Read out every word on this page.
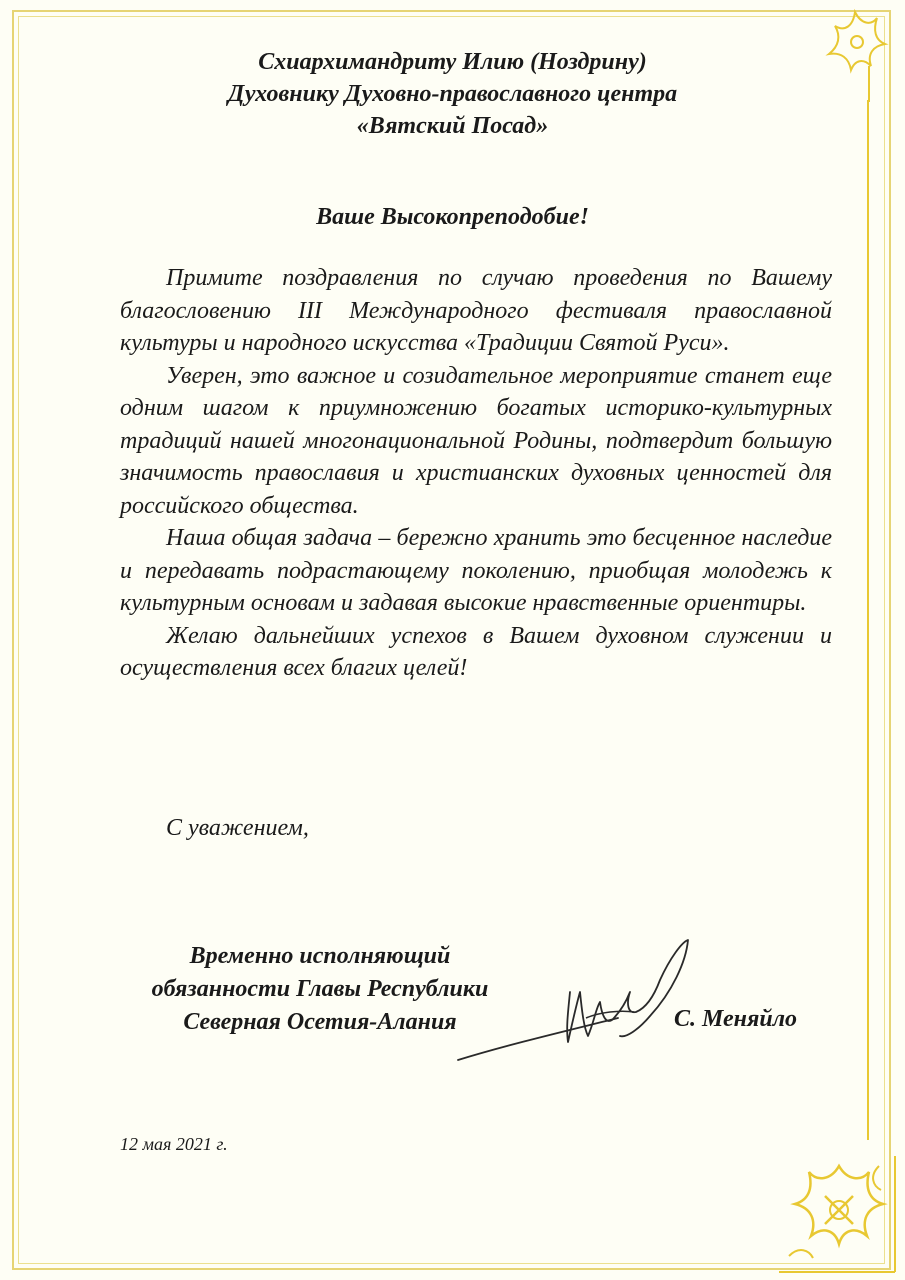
Схиархимандриту Илию (Ноздрину)
Духовнику Духовно-православного центра
«Вятский Посад»
Ваше Высокопреподобие!

Примите поздравления по случаю проведения по Вашему благословению III Международного фестиваля православной культуры и народного искусства «Традиции Святой Руси».

Уверен, это важное и созидательное мероприятие станет еще одним шагом к приумножению богатых историко-культурных традиций нашей многонациональной Родины, подтвердит большую значимость православия и христианских духовных ценностей для российского общества.

Наша общая задача – бережно хранить это бесценное наследие и передавать подрастающему поколению, приобщая молодежь к культурным основам и задавая высокие нравственные ориентиры.

Желаю дальнейших успехов в Вашем духовном служении и осуществления всех благих целей!

С уважением,
Временно исполняющий
обязанности Главы Республики
Северная Осетия-Алания	С. Меняйло
12 мая 2021 г.
